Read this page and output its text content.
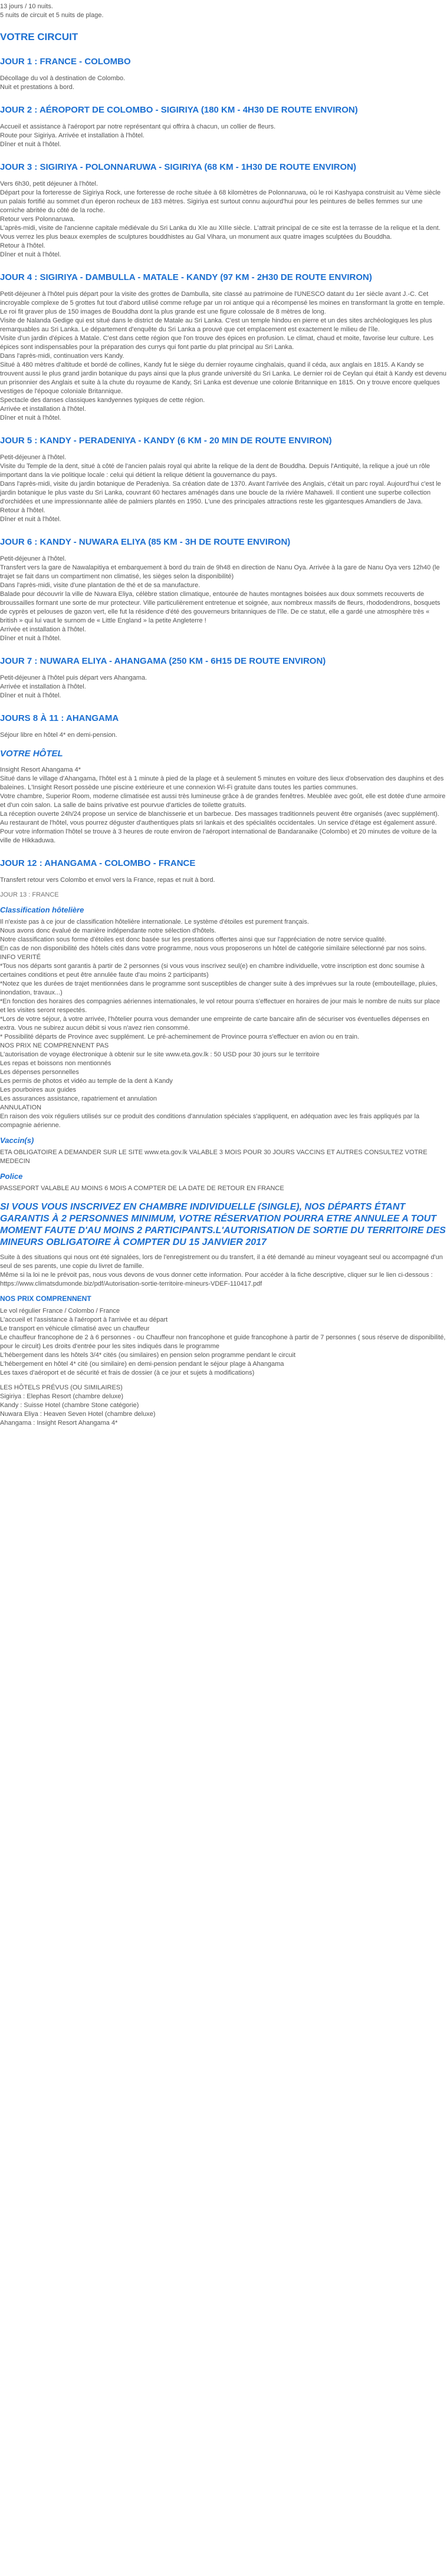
13 jours / 10 nuits.

5 nuits de circuit et 5 nuits de plage.

VOTRE CIRCUIT
JOUR 1 : FRANCE - COLOMBO

Décollage du vol à destination de Colombo.

Nuit et prestations à bord.

JOUR 2 : AÉROPORT DE COLOMBO - SIGIRIYA (180 KM - 4H30 DE ROUTE ENVIRON)

Accueil et assistance à l'aéroport par notre représentant qui offrira à chacun, un collier de fleurs.

Route pour Sigiriya. Arrivée et installation à l'hôtel.

Dîner et nuit à l'hôtel.

JOUR 3 : SIGIRIYA - POLONNARUWA - SIGIRIYA (68 KM - 1H30 DE ROUTE ENVIRON)

Vers 6h30, petit déjeuner à l'hôtel.

Départ pour la forteresse de Sigiriya Rock, une forteresse de roche située à 68 kilomètres de Polonnaruwa, où le roi Kashyapa construisit au Vème siècle un palais fortifié au sommet d'un éperon rocheux de 183 mètres. Sigiriya est surtout connu aujourd'hui pour les peintures de belles femmes sur une corniche abritée du côté de la roche.

Retour vers Polonnaruwa.

L'après-midi, visite de l'ancienne capitale médiévale du Sri Lanka du XIe au XIIIe siècle. L'attrait principal de ce site est la terrasse de la relique et la dent. Vous verrez les plus beaux exemples de sculptures bouddhistes au Gal Vihara, un monument aux quatre images sculptées du Bouddha.

Retour à l'hôtel.

Dîner et nuit à l'hôtel.

JOUR 4 : SIGIRIYA - DAMBULLA - MATALE - KANDY (97 KM - 2H30 DE ROUTE ENVIRON)

Petit-déjeuner à l'hôtel puis départ pour la visite des grottes de Dambulla, site classé au patrimoine de l'UNESCO datant du 1er siècle avant J.-C. Cet incroyable complexe de 5 grottes fut tout d'abord utilisé comme refuge par un roi antique qui a récompensé les moines en transformant la grotte en temple. Le roi fit graver plus de 150 images de Bouddha dont la plus grande est une figure colossale de 8 mètres de long.

Visite de Nalanda Gedige qui est situé dans le district de Matale au Sri Lanka. C'est un temple hindou en pierre et un des sites archéologiques les plus remarquables au Sri Lanka. Le département d'enquête du Sri Lanka a prouvé que cet emplacement est exactement le milieu de l'île.

Visite d'un jardin d'épices à Matale. C'est dans cette région que l'on trouve des épices en profusion. Le climat, chaud et moite, favorise leur culture. Les épices sont indispensables pour la préparation des currys qui font partie du plat principal au Sri Lanka.

Dans l'après-midi, continuation vers Kandy.

Situé à 480 mètres d'altitude et bordé de collines, Kandy fut le siège du dernier royaume cinghalais, quand il céda, aux anglais en 1815. A Kandy se trouvent aussi le plus grand jardin botanique du pays ainsi que la plus grande université du Sri Lanka. Le dernier roi de Ceylan qui était à Kandy est devenu un prisonnier des Anglais et suite à la chute du royaume de Kandy, Sri Lanka est devenue une colonie Britannique en 1815. On y trouve encore quelques vestiges de l'époque coloniale Britannique.

Spectacle des danses classiques kandyennes typiques de cette région.

Arrivée et installation à l'hôtel.

Dîner et nuit à l'hôtel.

JOUR 5 : KANDY - PERADENIYA - KANDY (6 KM - 20 MIN DE ROUTE ENVIRON)

Petit-déjeuner à l'hôtel.

Visite du Temple de la dent, situé à côté de l'ancien palais royal qui abrite la relique de la dent de Bouddha. Depuis l'Antiquité, la relique a joué un rôle important dans la vie politique locale : celui qui détient la relique détient la gouvernance du pays.

Dans l'après-midi, visite du jardin botanique de Peradeniya. Sa création date de 1370. Avant l'arrivée des Anglais, c'était un parc royal. Aujourd'hui c'est le jardin botanique le plus vaste du Sri Lanka, couvrant 60 hectares aménagés dans une boucle de la rivière Mahaweli. Il contient une superbe collection d'orchidées et une impressionnante allée de palmiers plantés en 1950. L'une des principales attractions reste les gigantesques Amandiers de Java.

Retour à l'hôtel.

Dîner et nuit à l'hôtel.

JOUR 6 : KANDY - NUWARA ELIYA (85 KM - 3H DE ROUTE ENVIRON)

Petit-déjeuner à l'hôtel.

Transfert vers la gare de Nawalapitiya et embarquement à bord du train de 9h48 en direction de Nanu Oya. Arrivée à la gare de Nanu Oya vers 12h40 (le trajet se fait dans un compartiment non climatisé, les sièges selon la disponibilité)

Dans l'après-midi, visite d'une plantation de thé et de sa manufacture.

Balade pour découvrir la ville de Nuwara Eliya, célèbre station climatique, entourée de hautes montagnes boisées aux doux sommets recouverts de broussailles formant une sorte de mur protecteur. Ville particulièrement entretenue et soignée, aux nombreux massifs de fleurs, rhododendrons, bosquets de cyprès et pelouses de gazon vert, elle fut la résidence d'été des gouverneurs britanniques de l'île. De ce statut, elle a gardé une atmosphère très « british » qui lui vaut le surnom de « Little England » la petite Angleterre !

Arrivée et installation à l'hôtel.

Dîner et nuit à l'hôtel.

JOUR 7 : NUWARA ELIYA - AHANGAMA (250 KM - 6H15 DE ROUTE ENVIRON)

Petit-déjeuner à l'hôtel puis départ vers Ahangama.

Arrivée et installation à l'hôtel.

Dîner et nuit à l'hôtel.

JOURS 8 À 11 : AHANGAMA

Séjour libre en hôtel 4* en demi-pension.

VOTRE HÔTEL

Insight Resort Ahangama 4*

Situé dans le village d'Ahangama, l'hôtel est à 1 minute à pied de la plage et à seulement 5 minutes en voiture des lieux d'observation des dauphins et des baleines. L'Insight Resort possède une piscine extérieure et une connexion Wi-Fi gratuite dans toutes les parties communes.

Votre chambre, Superior Room, moderne climatisée est aussi très lumineuse grâce à de grandes fenêtres. Meublée avec goût, elle est dotée d'une armoire et d'un coin salon. La salle de bains privative est pourvue d'articles de toilette gratuits.

La réception ouverte 24h/24 propose un service de blanchisserie et un barbecue. Des massages traditionnels peuvent être organisés (avec supplément).

Au restaurant de l'hôtel, vous pourrez déguster d'authentiques plats sri lankais et des spécialités occidentales. Un service d'étage est également assuré.

Pour votre information l'hôtel se trouve à 3 heures de route environ de l'aéroport international de Bandaranaike (Colombo) et 20 minutes de voiture de la ville de Hikkaduwa.

JOUR 12 : AHANGAMA - COLOMBO - FRANCE

Transfert retour vers Colombo et envol vers la France, repas et nuit à bord.

JOUR 13 : FRANCE

Classification hôtelière

Il n'existe pas à ce jour de classification hôtelière internationale. Le système d'étoiles est purement français.

Nous avons donc évalué de manière indépendante notre sélection d'hôtels.

Notre classification sous forme d'étoiles est donc basée sur les prestations offertes ainsi que sur l'appréciation de notre service qualité.

En cas de non disponibilité des hôtels cités dans votre programme, nous vous proposerons un hôtel de catégorie similaire sélectionné par nos soins.

INFO VERITÉ

*Tous nos départs sont garantis à partir de 2 personnes (si vous vous inscrivez seul(e) en chambre individuelle, votre inscription est donc soumise à certaines conditions et peut être annulée faute d'au moins 2 participants)

*Notez que les durées de trajet mentionnées dans le programme sont susceptibles de changer suite à des imprévues sur la route (embouteillage, pluies, inondation, travaux...)

*En fonction des horaires des compagnies aériennes internationales, le vol retour pourra s'effectuer en horaires de jour mais le nombre de nuits sur place et les visites seront respectés.

*Lors de votre séjour, à votre arrivée, l'hôtelier pourra vous demander une empreinte de carte bancaire afin de sécuriser vos éventuelles dépenses en extra. Vous ne subirez aucun débit si vous n'avez rien consommé.

* Possibilité départs de Province avec supplément. Le pré-acheminement de Province pourra s'effectuer en avion ou en train.

NOS PRIX NE COMPRENNENT PAS

L'autorisation de voyage électronique à obtenir sur le site www.eta.gov.lk : 50 USD pour 30 jours sur le territoire

Les repas et boissons non mentionnés

Les dépenses personnelles

Les permis de photos et vidéo au temple de la dent à Kandy

Les pourboires aux guides

Les assurances assistance, rapatriement et annulation

ANNULATION

En raison des voix réguliers utilisés sur ce produit des conditions d'annulation spéciales s'appliquent, en adéquation avec les frais appliqués par la compagnie aérienne.

Vaccin(s)

ETA OBLIGATOIRE A DEMANDER SUR LE SITE www.eta.gov.lk VALABLE 3 MOIS POUR 30 JOURS VACCINS ET AUTRES CONSULTEZ VOTRE MEDECIN

Police

PASSEPORT VALABLE AU MOINS 6 MOIS A COMPTER DE LA DATE DE RETOUR EN FRANCE

SI VOUS VOUS INSCRIVEZ EN CHAMBRE INDIVIDUELLE (SINGLE), NOS DÉPARTS ÉTANT GARANTIS À 2 PERSONNES MINIMUM, VOTRE RÉSERVATION POURRA ETRE ANNULEE A TOUT MOMENT FAUTE D'AU MOINS 2 PARTICIPANTS.L'AUTORISATION DE SORTIE DU TERRITOIRE DES MINEURS OBLIGATOIRE À COMPTER DU 15 JANVIER 2017

Suite à des situations qui nous ont été signalées, lors de l'enregistrement ou du transfert, il a été demandé au mineur voyageant seul ou accompagné d'un seul de ses parents, une copie du livret de famille.

Même si la loi ne le prévoit pas, nous vous devons de vous donner cette information. Pour accéder à la fiche descriptive, cliquer sur le lien ci-dessous :

https://www.climatsdumonde.biz/pdf/Autorisation-sortie-territoire-mineurs-VDEF-110417.pdf

NOS PRIX COMPRENNENT

Le vol régulier France / Colombo / France

L'accueil et l'assistance à l'aéroport à l'arrivée et au départ

Le transport en véhicule climatisé avec un chauffeur

Le chauffeur francophone de 2 à 6 personnes - ou Chauffeur non francophone et guide francophone à partir de 7 personnes ( sous réserve de disponibilité, pour le circuit) Les droits d'entrée pour les sites indiqués dans le programme

L'hébergement dans les hôtels 3/4* cités (ou similaires) en pension selon programme pendant le circuit

L'hébergement en hôtel 4* cité (ou similaire) en demi-pension pendant le séjour plage à Ahangama

Les taxes d'aéroport et de sécurité et frais de dossier (à ce jour et sujets à modifications)

LES HÔTELS PRÉVUS (OU SIMILAIRES)

Sigiriya : Elephas Resort (chambre deluxe)

Kandy : Suisse Hotel (chambre Stone catégorie)

Nuwara Eliya : Heaven Seven Hotel (chambre deluxe)

Ahangama : Insight Resort Ahangama 4*
